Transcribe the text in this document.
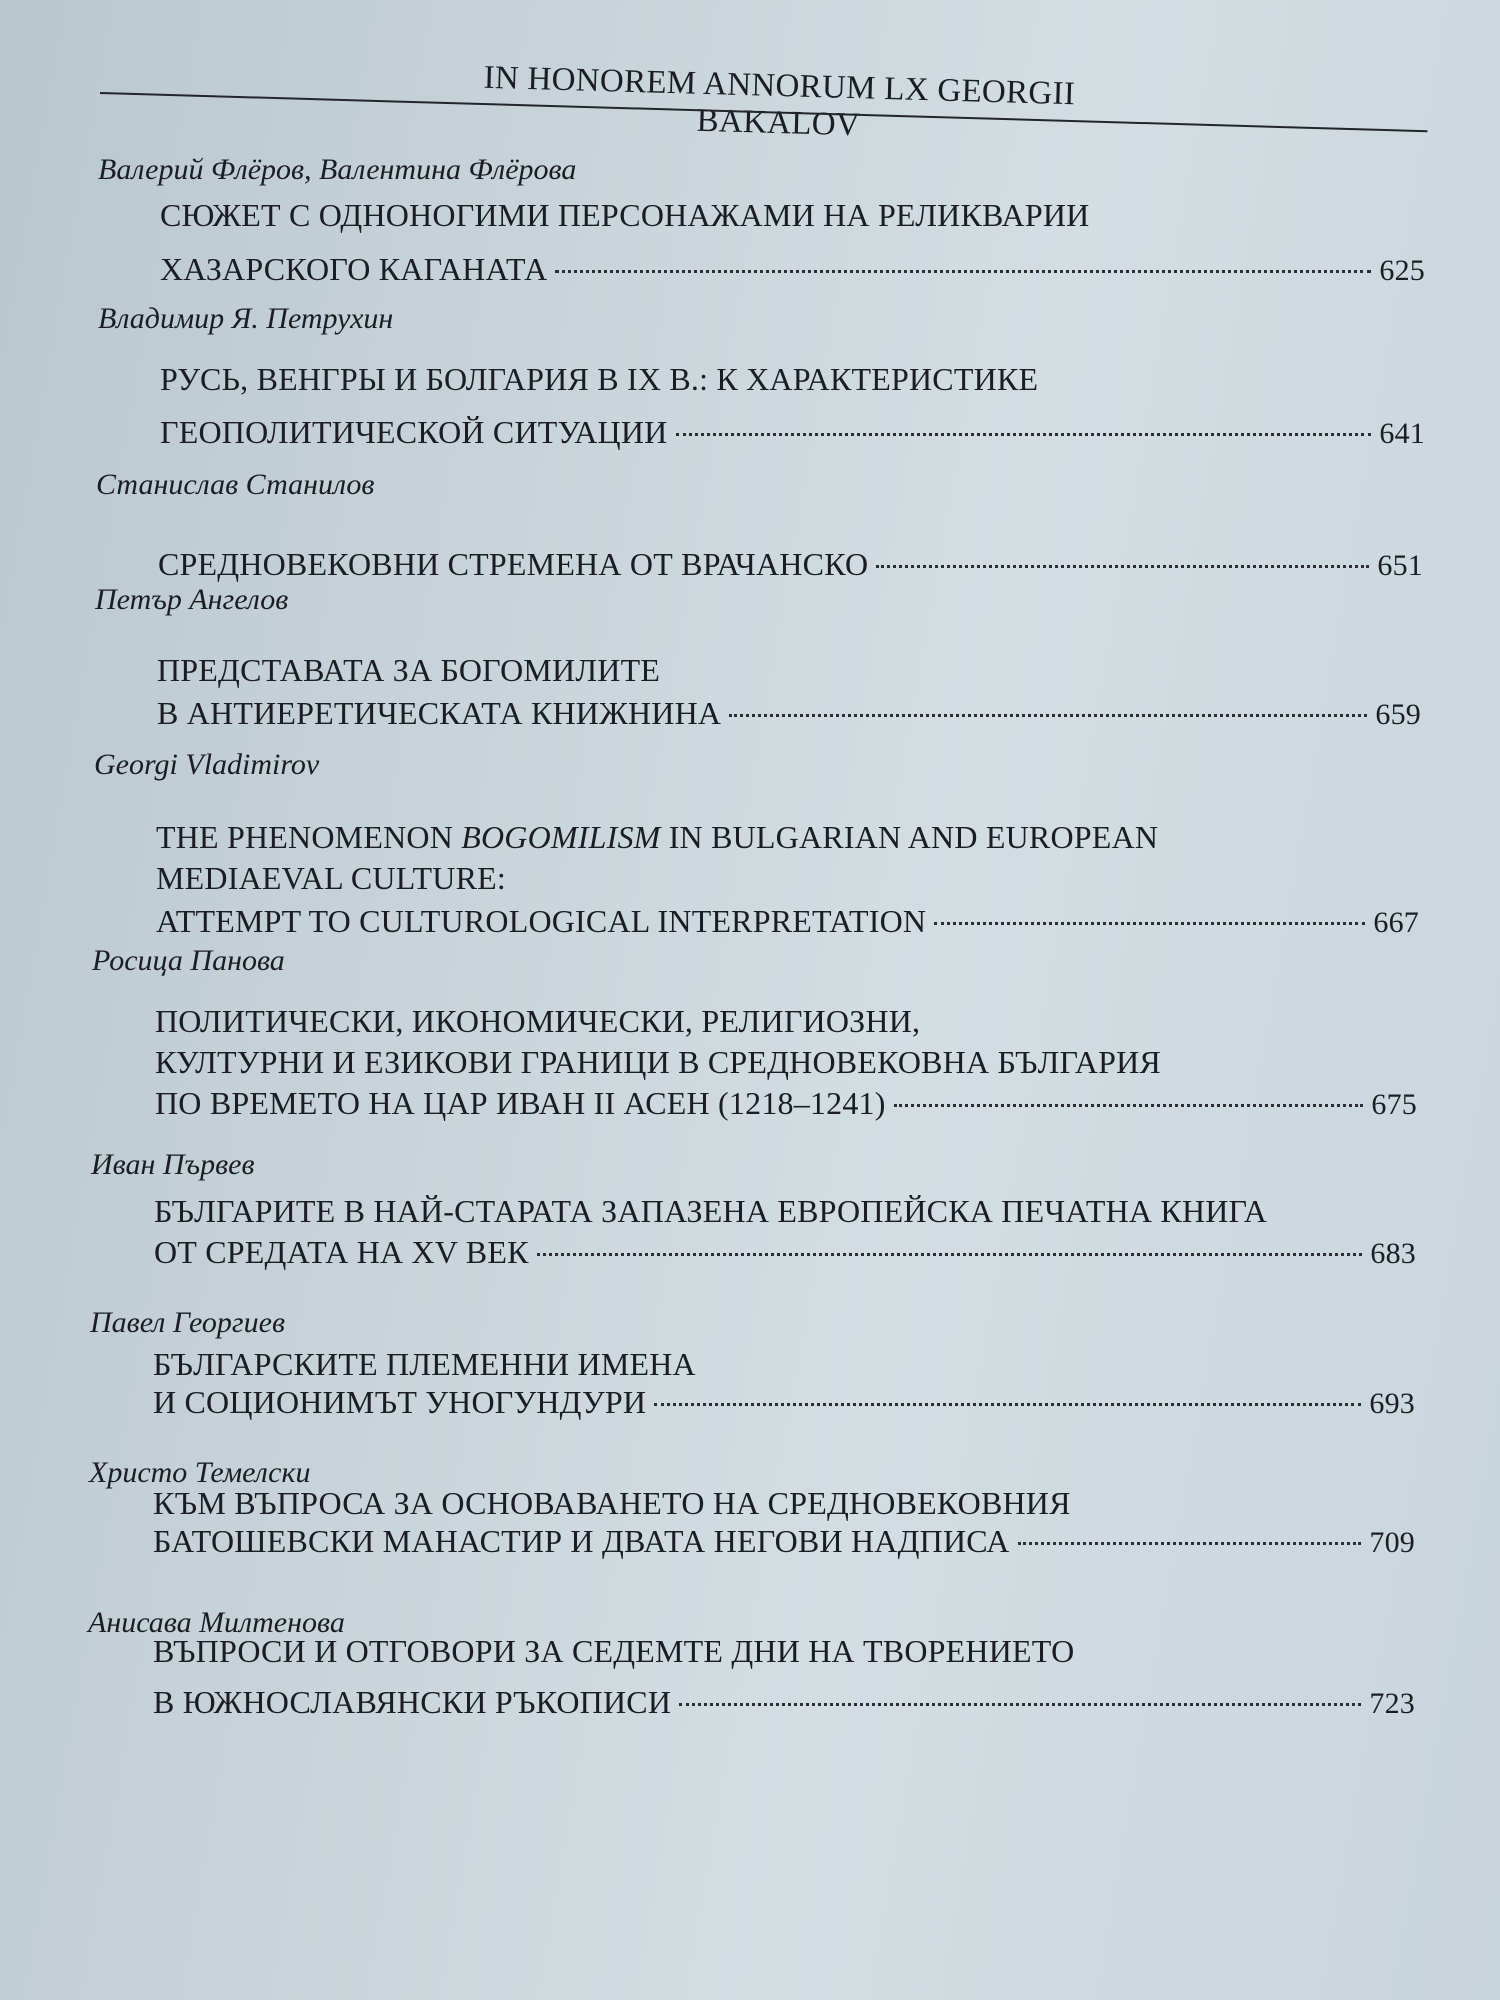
IN HONOREM ANNORUM LX GEORGII BAKALOV
Валерий Флёров, Валентина Флёрова
СЮЖЕТ С ОДНОНОГИМИ ПЕРСОНАЖАМИ НА РЕЛИКВАРИИ
ХАЗАРСКОГО КАГАНАТА	625
Владимир Я. Петрухин
РУСЬ, ВЕНГРЫ И БОЛГАРИЯ В IX В.: К ХАРАКТЕРИСТИКЕ
ГЕОПОЛИТИЧЕСКОЙ СИТУАЦИИ	641
Станислав Станилов
СРЕДНОВЕКОВНИ СТРЕМЕНА ОТ ВРАЧАНСКО	651
Петър Ангелов
ПРЕДСТАВАТА ЗА БОГОМИЛИТЕ
В АНТИЕРЕТИЧЕСКАТА КНИЖНИНА	659
Georgi Vladimirov
THE PHENOMENON BOGOMILISM IN BULGARIAN AND EUROPEAN
MEDIAEVAL CULTURE:
ATTEMPT TO CULTUROLOGICAL INTERPRETATION	667
Росица Панова
ПОЛИТИЧЕСКИ, ИКОНОМИЧЕСКИ, РЕЛИГИОЗНИ,
КУЛТУРНИ И ЕЗИКОВИ ГРАНИЦИ В СРЕДНОВЕКОВНА БЪЛГАРИЯ
ПО ВРЕМЕТО НА ЦАР ИВАН II АСЕН (1218–1241)	675
Иван Първев
БЪЛГАРИТЕ В НАЙ-СТАРАТА ЗАПАЗЕНА ЕВРОПЕЙСКА ПЕЧАТНА КНИГА
ОТ СРЕДАТА НА XV ВЕК	683
Павел Георгиев
БЪЛГАРСКИТЕ ПЛЕМЕННИ ИМЕНА
И СОЦИОНИМЪТ УНОГУНДУРИ	693
Христо Темелски
КЪМ ВЪПРОСА ЗА ОСНОВАВАНЕТО НА СРЕДНОВЕКОВНИЯ
БАТОШЕВСКИ МАНАСТИР И ДВАТА НЕГОВИ НАДПИСА	709
Анисава Милтенова
ВЪПРОСИ И ОТГОВОРИ ЗА СЕДЕМТЕ ДНИ НА ТВОРЕНИЕТО
В ЮЖНОСЛАВЯНСКИ РЪКОПИСИ	723
